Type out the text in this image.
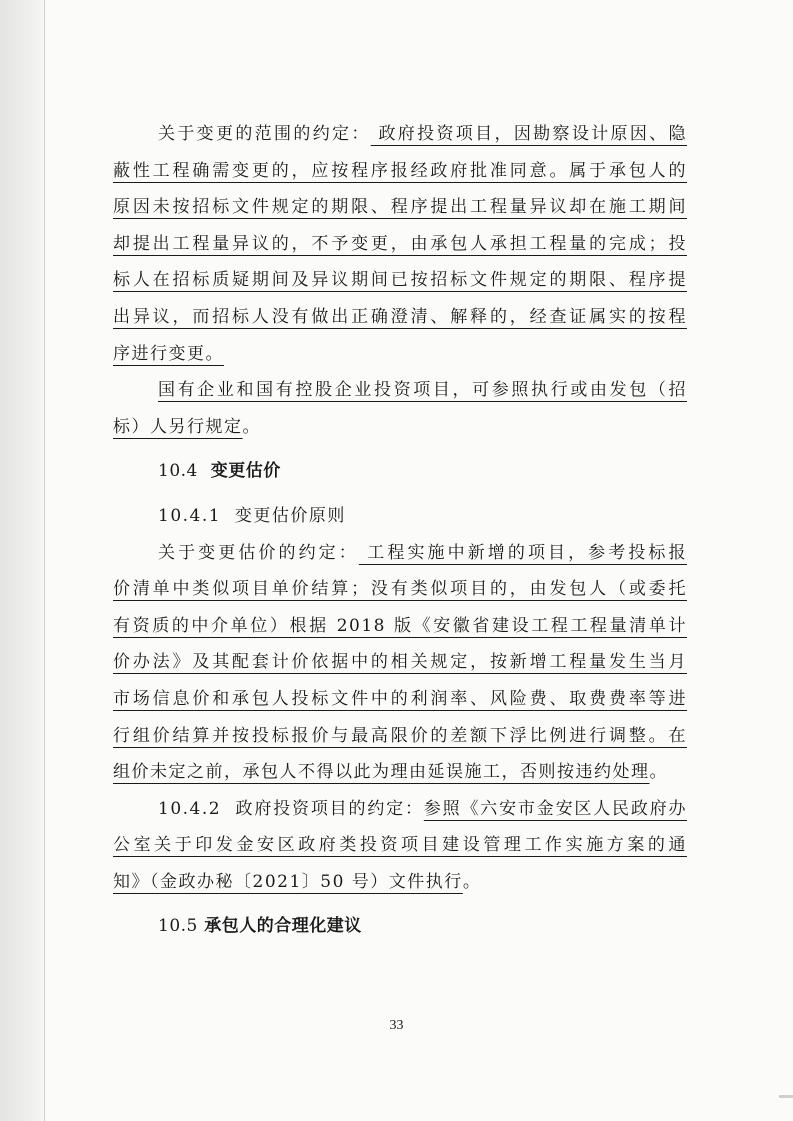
关于变更的范围的约定： 政府投资项目，因勘察设计原因、隐
蔽性工程确需变更的，应按程序报经政府批准同意。属于承包人的
原因未按招标文件规定的期限、程序提出工程量异议却在施工期间
却提出工程量异议的，不予变更，由承包人承担工程量的完成；投
标人在招标质疑期间及异议期间已按招标文件规定的期限、程序提
出异议，而招标人没有做出正确澄清、解释的，经查证属实的按程
序进行变更。
国有企业和国有控股企业投资项目，可参照执行或由发包（招
标）人另行规定。
10.4 变更估价
10.4.1 变更估价原则
关于变更估价的约定： 工程实施中新增的项目，参考投标报
价清单中类似项目单价结算；没有类似项目的，由发包人（或委托
有资质的中介单位）根据 2018 版《安徽省建设工程工程量清单计
价办法》及其配套计价依据中的相关规定，按新增工程量发生当月
市场信息价和承包人投标文件中的利润率、风险费、取费费率等进
行组价结算并按投标报价与最高限价的差额下浮比例进行调整。在
组价未定之前，承包人不得以此为理由延误施工，否则按违约处理。
10.4.2 政府投资项目的约定：参照《六安市金安区人民政府办
公室关于印发金安区政府类投资项目建设管理工作实施方案的通
知》（金政办秘〔2021〕50 号）文件执行。
10.5 承包人的合理化建议
33
